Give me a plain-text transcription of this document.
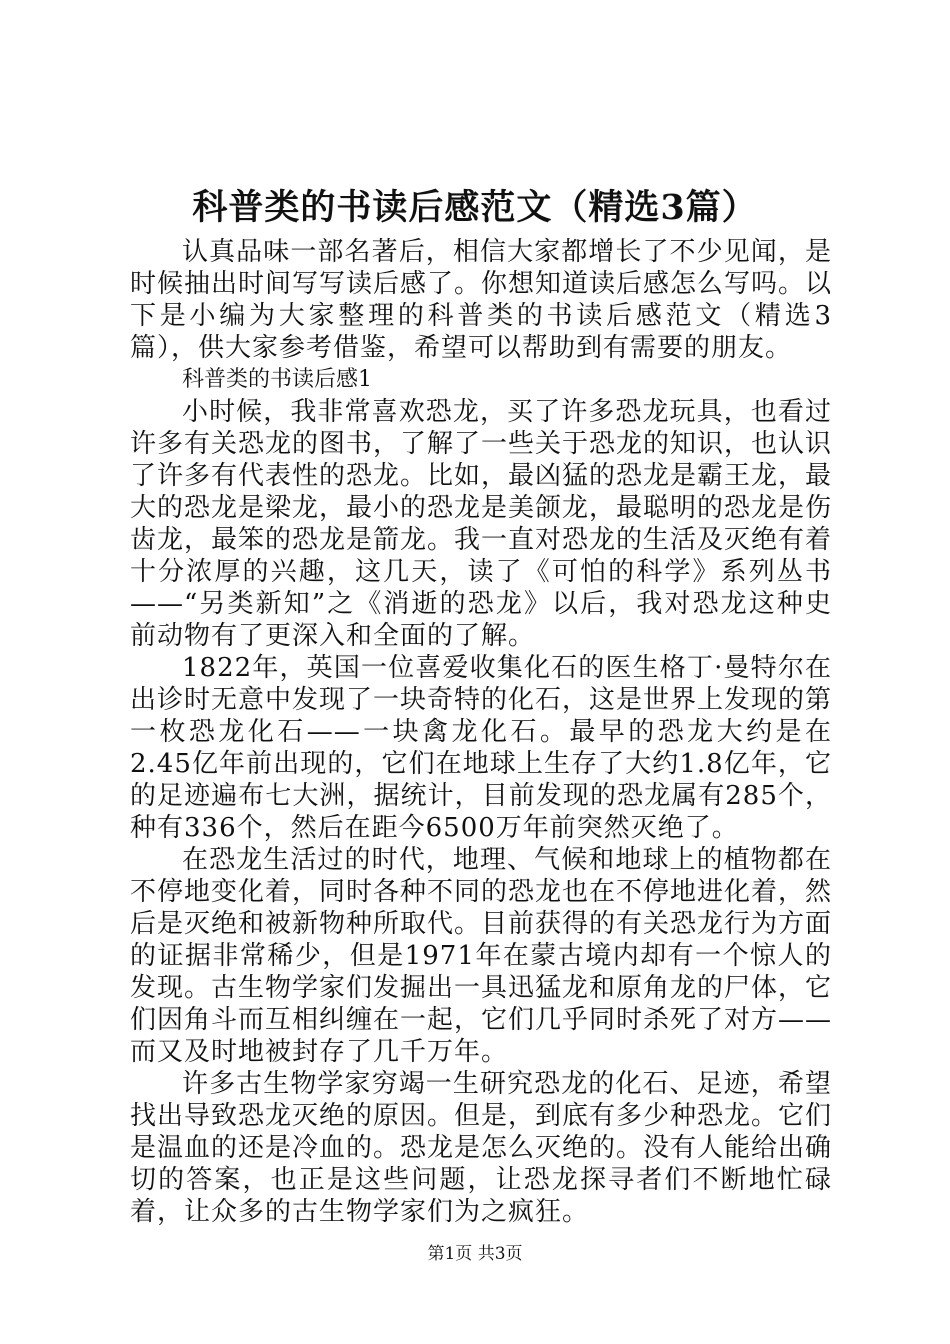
科普类的书读后感范文（精选3篇）

认真品味一部名著后，相信大家都增长了不少见闻，是时候抽出时间写写读后感了。你想知道读后感怎么写吗。以下是小编为大家整理的科普类的书读后感范文（精选3篇），供大家参考借鉴，希望可以帮助到有需要的朋友。

科普类的书读后感1

小时候，我非常喜欢恐龙，买了许多恐龙玩具，也看过许多有关恐龙的图书，了解了一些关于恐龙的知识，也认识了许多有代表性的恐龙。比如，最凶猛的恐龙是霸王龙，最大的恐龙是梁龙，最小的恐龙是美颌龙，最聪明的恐龙是伤齿龙，最笨的恐龙是箭龙。我一直对恐龙的生活及灭绝有着十分浓厚的兴趣，这几天，读了《可怕的科学》系列丛书——“另类新知”之《消逝的恐龙》以后，我对恐龙这种史前动物有了更深入和全面的了解。

1822年，英国一位喜爱收集化石的医生格丁·曼特尔在出诊时无意中发现了一块奇特的化石，这是世界上发现的第一枚恐龙化石——一块禽龙化石。最早的恐龙大约是在2.45亿年前出现的，它们在地球上生存了大约1.8亿年，它的足迹遍布七大洲，据统计，目前发现的恐龙属有285个，种有336个，然后在距今6500万年前突然灭绝了。

在恐龙生活过的时代，地理、气候和地球上的植物都在不停地变化着，同时各种不同的恐龙也在不停地进化着，然后是灭绝和被新物种所取代。目前获得的有关恐龙行为方面的证据非常稀少，但是1971年在蒙古境内却有一个惊人的发现。古生物学家们发掘出一具迅猛龙和原角龙的尸体，它们因角斗而互相纠缠在一起，它们几乎同时杀死了对方——而又及时地被封存了几千万年。

许多古生物学家穷竭一生研究恐龙的化石、足迹，希望找出导致恐龙灭绝的原因。但是，到底有多少种恐龙。它们是温血的还是冷血的。恐龙是怎么灭绝的。没有人能给出确切的答案，也正是这些问题，让恐龙探寻者们不断地忙碌着，让众多的古生物学家们为之疯狂。

第1页 共3页
